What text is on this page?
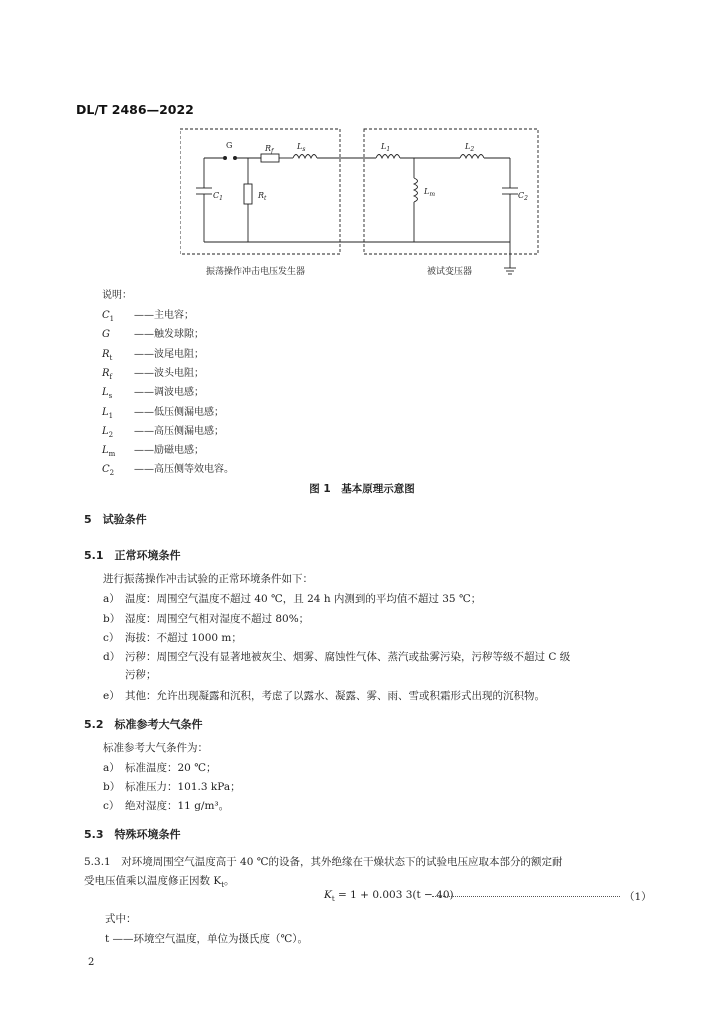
DL/T 2486—2022
G	$R_f$
$L_s$
$C_1$	$R_t$
$L_1$	$L_2$
$L_m$	$C_2$
振荡操作冲击电压发生器	被试变压器
说明：
$C_1$ ——主电容；
G ——触发球隙；
$R_t$ ——波尾电阻；
$R_f$ ——波头电阻；
$L_s$ ——调波电感；
$L_1$ ——低压侧漏电感；
$L_2$ ——高压侧漏电感；
$L_m$ ——励磁电感；
$C_2$ ——高压侧等效电容。
图 1　基本原理示意图
5　试验条件
5.1　正常环境条件
进行振荡操作冲击试验的正常环境条件如下：
a） 温度：周围空气温度不超过 40 ℃，且 24 h 内测到的平均值不超过 35 ℃；
b） 湿度：周围空气相对湿度不超过 80%；
c） 海拔：不超过 1000 m；
d） 污秽：周围空气没有显著地被灰尘、烟雾、腐蚀性气体、蒸汽或盐雾污染，污秽等级不超过 C 级
污秽；
e） 其他：允许出现凝露和沉积，考虑了以露水、凝露、雾、雨、雪或积霜形式出现的沉积物。
5.2　标准参考大气条件
标准参考大气条件为：
a） 标准温度：20 ℃；
b） 标准压力：101.3 kPa；
c） 绝对湿度：11 g/m³。
5.3　特殊环境条件
5.3.1　对环境周围空气温度高于 40 ℃的设备，其外绝缘在干燥状态下的试验电压应取本部分的额定耐
受电压值乘以温度修正因数 $K_t$。
$K_t = 1 + 0.003$ 3(t − 40)	（1）
式中：
t ——环境空气温度，单位为摄氏度（℃）。
2
